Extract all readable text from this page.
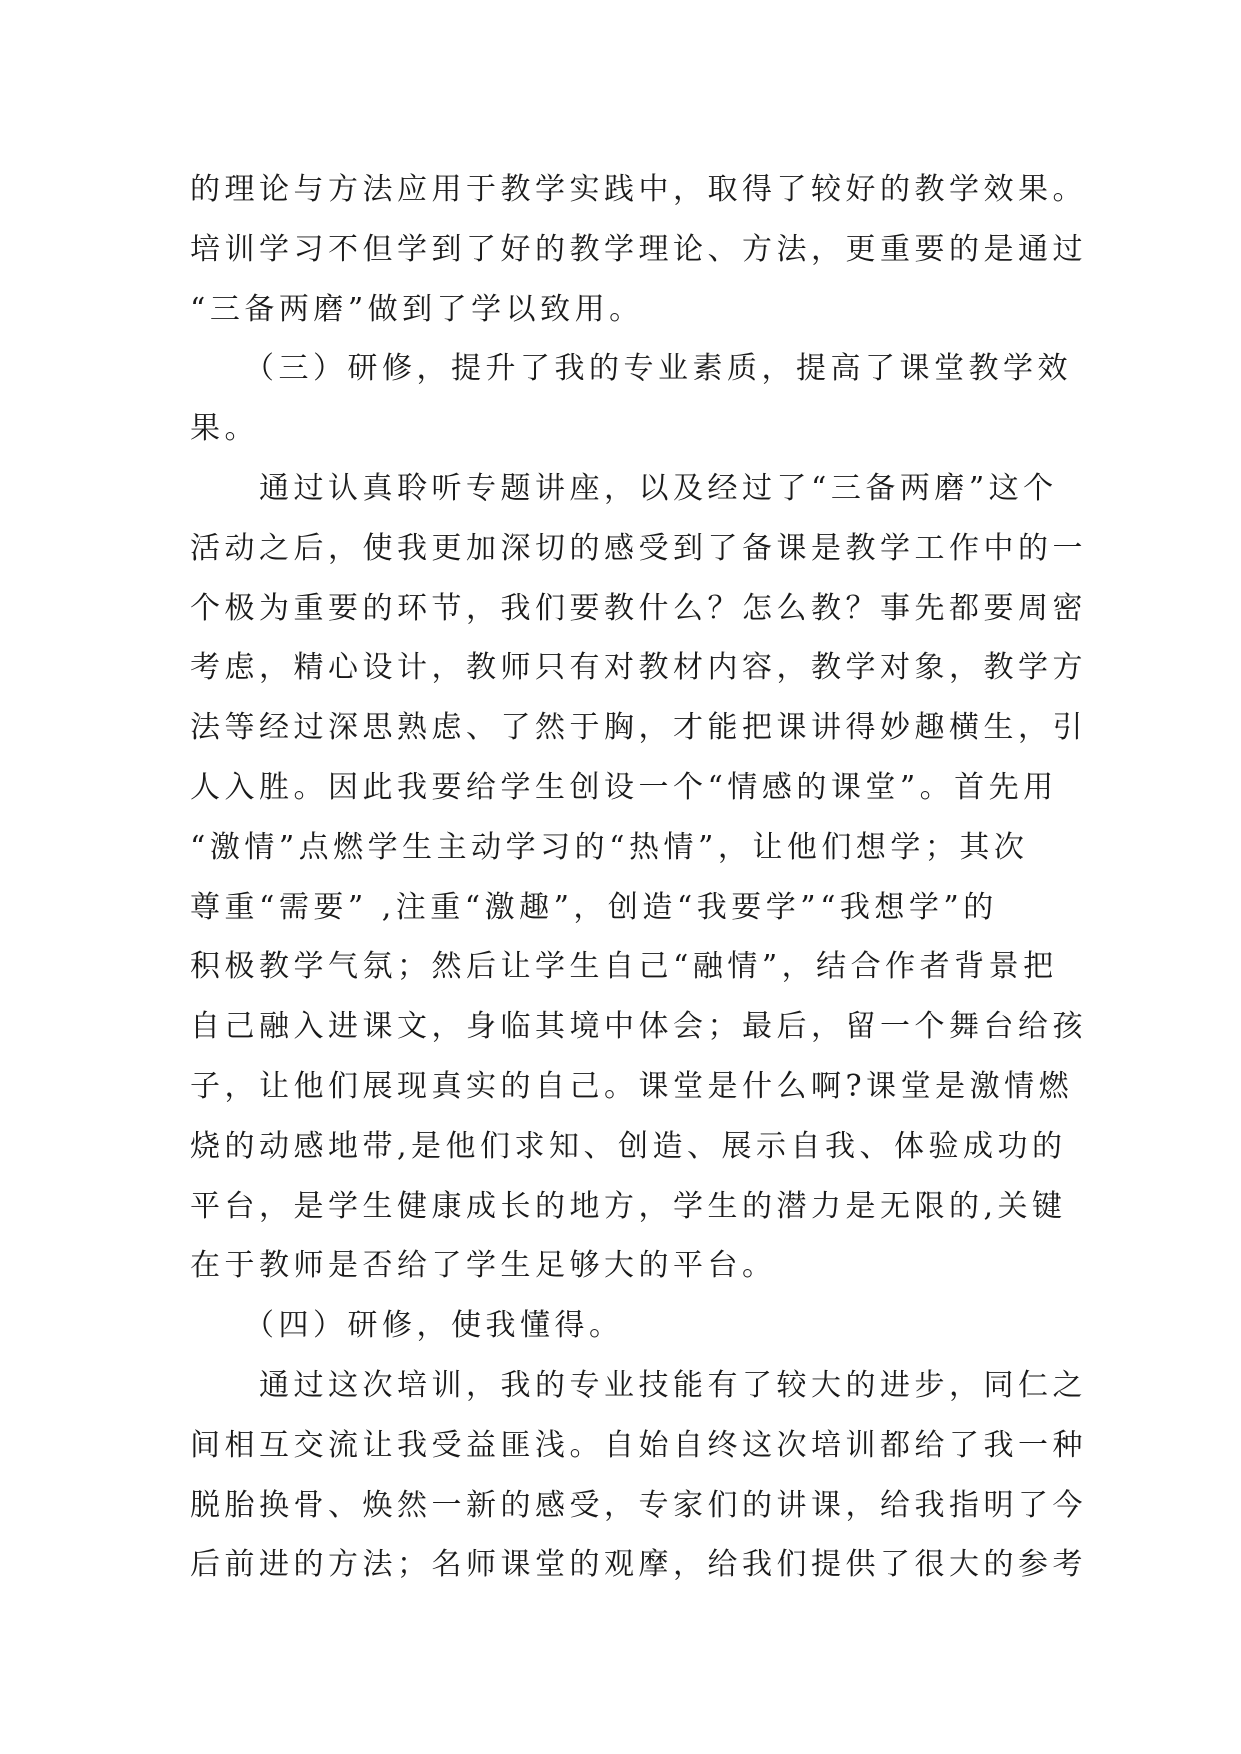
的理论与方法应用于教学实践中，取得了较好的教学效果。
培训学习不但学到了好的教学理论、方法，更重要的是通过
“三备两磨”做到了学以致用。
　　（三）研修，提升了我的专业素质，提高了课堂教学效
果。
　　通过认真聆听专题讲座，以及经过了“三备两磨”这个
活动之后，使我更加深切的感受到了备课是教学工作中的一
个极为重要的环节，我们要教什么？怎么教？事先都要周密
考虑，精心设计，教师只有对教材内容，教学对象，教学方
法等经过深思熟虑、了然于胸，才能把课讲得妙趣横生，引
人入胜。因此我要给学生创设一个“情感的课堂”。首先用
“激情”点燃学生主动学习的“热情”，让他们想学；其次
尊重“需要” ,注重“激趣”，创造“我要学”“我想学”的
积极教学气氛；然后让学生自己“融情”，结合作者背景把
自己融入进课文，身临其境中体会；最后，留一个舞台给孩
子，让他们展现真实的自己。课堂是什么啊?课堂是激情燃
烧的动感地带,是他们求知、创造、展示自我、体验成功的
平台，是学生健康成长的地方，学生的潜力是无限的,关键
在于教师是否给了学生足够大的平台。
　　（四）研修，使我懂得。
　　通过这次培训，我的专业技能有了较大的进步，同仁之
间相互交流让我受益匪浅。自始自终这次培训都给了我一种
脱胎换骨、焕然一新的感受，专家们的讲课，给我指明了今
后前进的方法；名师课堂的观摩，给我们提供了很大的参考
